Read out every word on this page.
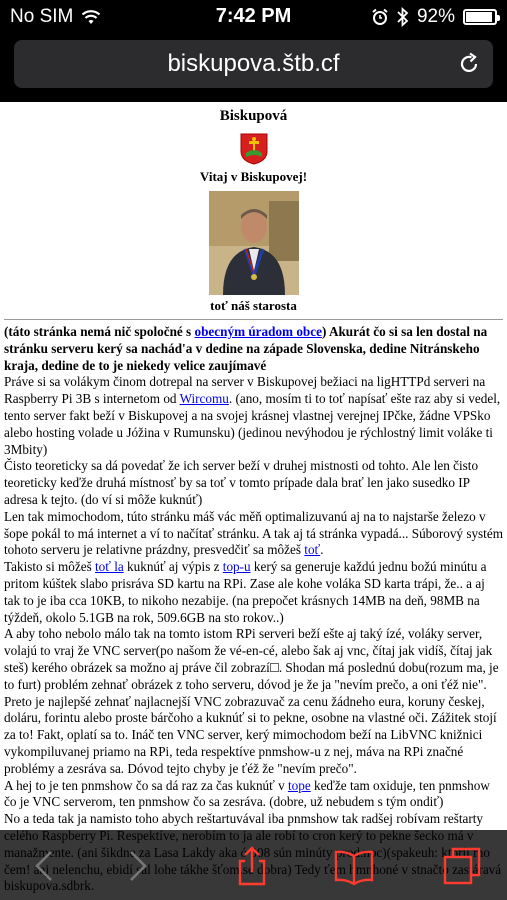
No SIM	7:42 PM	92%
biskupova.štb.cf
Biskupová
Vitaj v Biskupovej!
toť náš starosta

(táto stránka nemá nič spoločné s obecným úradom obce) Akurát čo si sa len dostal na stránku serveru kerý sa nachád'a v dedine na západe Slovenska, dedine Nitránskeho kraja, dedine de to je niekedy velice zaujímavé

Práve si sa volákym činom dotrepal na server v Biskupovej bežiaci na ligHTTPd serveri na Raspberry Pi 3B s internetom od Wircomu. (ano, mosím ti to toť napísať ešte raz aby si vedel, tento server fakt beží v Biskupovej a na svojej krásnej vlastnej verejnej IPčke, žádne VPSko alebo hosting volade u Jóžina v Rumunsku) (jedinou nevýhodou je rýchlostný limit voláke ti 3Mbity)

Čisto teoreticky sa dá povedať že ich server beží v druhej mistnosti od tohto. Ale len čisto teoreticky keďže druhá místnosť by sa toť v tomto prípade dala brať len jako susedko IP adresa k tejto. (do ví si môže kuknúť)

Len tak mimochodom, túto stránku máš vác měň optimalizuvanú aj na to najstarše železo v šope pokál to má internet a ví to načítať stránku. A tak aj tá stránka vypadá... Súborový systém tohoto serveru je relativne prázdny, presvedčiť sa môžeš toť.

Takisto si môžeš toť la kuknúť aj výpis z top-u kerý sa generuje každú jednu božú minútu a pritom kúštek slabo prisráva SD kartu na RPi. Zase ale kohe voláka SD karta trápi, že.. a aj tak to je iba cca 10KB, to nikoho nezabije. (na prepočet krásnych 14MB na deň, 98MB na týždeň, okolo 5.1GB na rok, 509.6GB na sto rokov..)

A aby toho nebolo málo tak na tomto istom RPi serveri beží ešte aj taký ízé, voláky server, volajú to vraj že VNC server(po našom že vé-en-cé, alebo šak aj vnc, čítaj jak vidíš, čítaj jak steš) kerého obrázek sa možno aj práve čil zobrazí . Shodan má poslednú dobu(rozum ma, je to furt) problém zehnať obrázek z toho serveru, dóvod je že ja "nevím prečo, a oni ťéž nie". Preto je najlepšé zehnať najlacnejší VNC zobrazuvač za cenu žádneho eura, koruny českej, doláru, forintu alebo proste bárčoho a kuknúť si to pekne, osobne na vlastné oči. Zážitek stojí za to! Fakt, oplatí sa to. Ináč ten VNC server, kerý mimochodom beží na LibVNC knižnici vykompiluvanej priamo na RPi, teda respektíve pnmshow-u z nej, máva na RPi značné problémy a zesráva sa. Dóvod tejto chyby je ťéž že "nevím prečo".

A hej to je ten pnmshow čo sa dá raz za čas kuknúť v tope keďže tam oxiduje, ten pnmshow čo je VNC serverom, ten pnmshow čo sa zesráva. (dobre, už nebudem s tým ondiť)

No a teda tak ja namisto toho abych reštartuvával iba pnmshow tak radšej robívam reštarty
